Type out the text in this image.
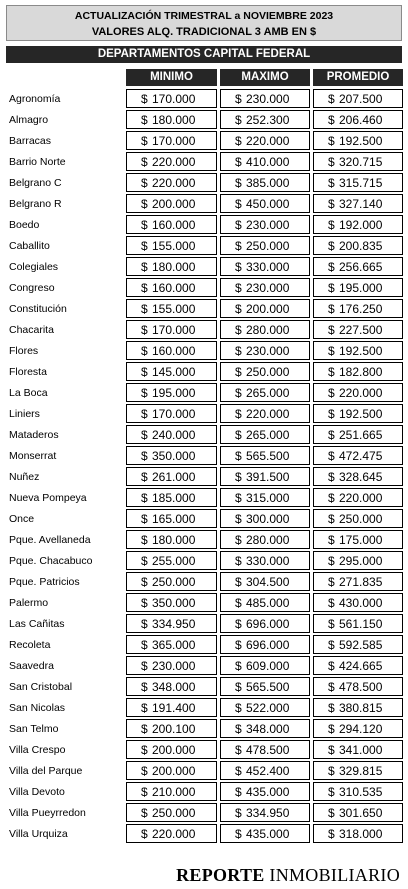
ACTUALIZACIÓN TRIMESTRAL a NOVIEMBRE 2023
VALORES ALQ. TRADICIONAL 3 AMB EN $
DEPARTAMENTOS CAPITAL FEDERAL
MINIMO	MAXIMO	PROMEDIO
Agronomía	$ 170.000	$ 230.000	$ 207.500
Almagro	$ 180.000	$ 252.300	$ 206.460
Barracas	$ 170.000	$ 220.000	$ 192.500
Barrio Norte	$ 220.000	$ 410.000	$ 320.715
Belgrano C	$ 220.000	$ 385.000	$ 315.715
Belgrano R	$ 200.000	$ 450.000	$ 327.140
Boedo	$ 160.000	$ 230.000	$ 192.000
Caballito	$ 155.000	$ 250.000	$ 200.835
Colegiales	$ 180.000	$ 330.000	$ 256.665
Congreso	$ 160.000	$ 230.000	$ 195.000
Constitución	$ 155.000	$ 200.000	$ 176.250
Chacarita	$ 170.000	$ 280.000	$ 227.500
Flores	$ 160.000	$ 230.000	$ 192.500
Floresta	$ 145.000	$ 250.000	$ 182.800
La Boca	$ 195.000	$ 265.000	$ 220.000
Liniers	$ 170.000	$ 220.000	$ 192.500
Mataderos	$ 240.000	$ 265.000	$ 251.665
Monserrat	$ 350.000	$ 565.500	$ 472.475
Nuñez	$ 261.000	$ 391.500	$ 328.645
Nueva Pompeya	$ 185.000	$ 315.000	$ 220.000
Once	$ 165.000	$ 300.000	$ 250.000
Pque. Avellaneda	$ 180.000	$ 280.000	$ 175.000
Pque. Chacabuco	$ 255.000	$ 330.000	$ 295.000
Pque. Patricios	$ 250.000	$ 304.500	$ 271.835
Palermo	$ 350.000	$ 485.000	$ 430.000
Las Cañitas	$ 334.950	$ 696.000	$ 561.150
Recoleta	$ 365.000	$ 696.000	$ 592.585
Saavedra	$ 230.000	$ 609.000	$ 424.665
San Cristobal	$ 348.000	$ 565.500	$ 478.500
San Nicolas	$ 191.400	$ 522.000	$ 380.815
San Telmo	$ 200.100	$ 348.000	$ 294.120
Villa Crespo	$ 200.000	$ 478.500	$ 341.000
Villa del Parque	$ 200.000	$ 452.400	$ 329.815
Villa Devoto	$ 210.000	$ 435.000	$ 310.535
Villa Pueyrredon	$ 250.000	$ 334.950	$ 301.650
Villa Urquiza	$ 220.000	$ 435.000	$ 318.000
REPORTE INMOBILIARIO
